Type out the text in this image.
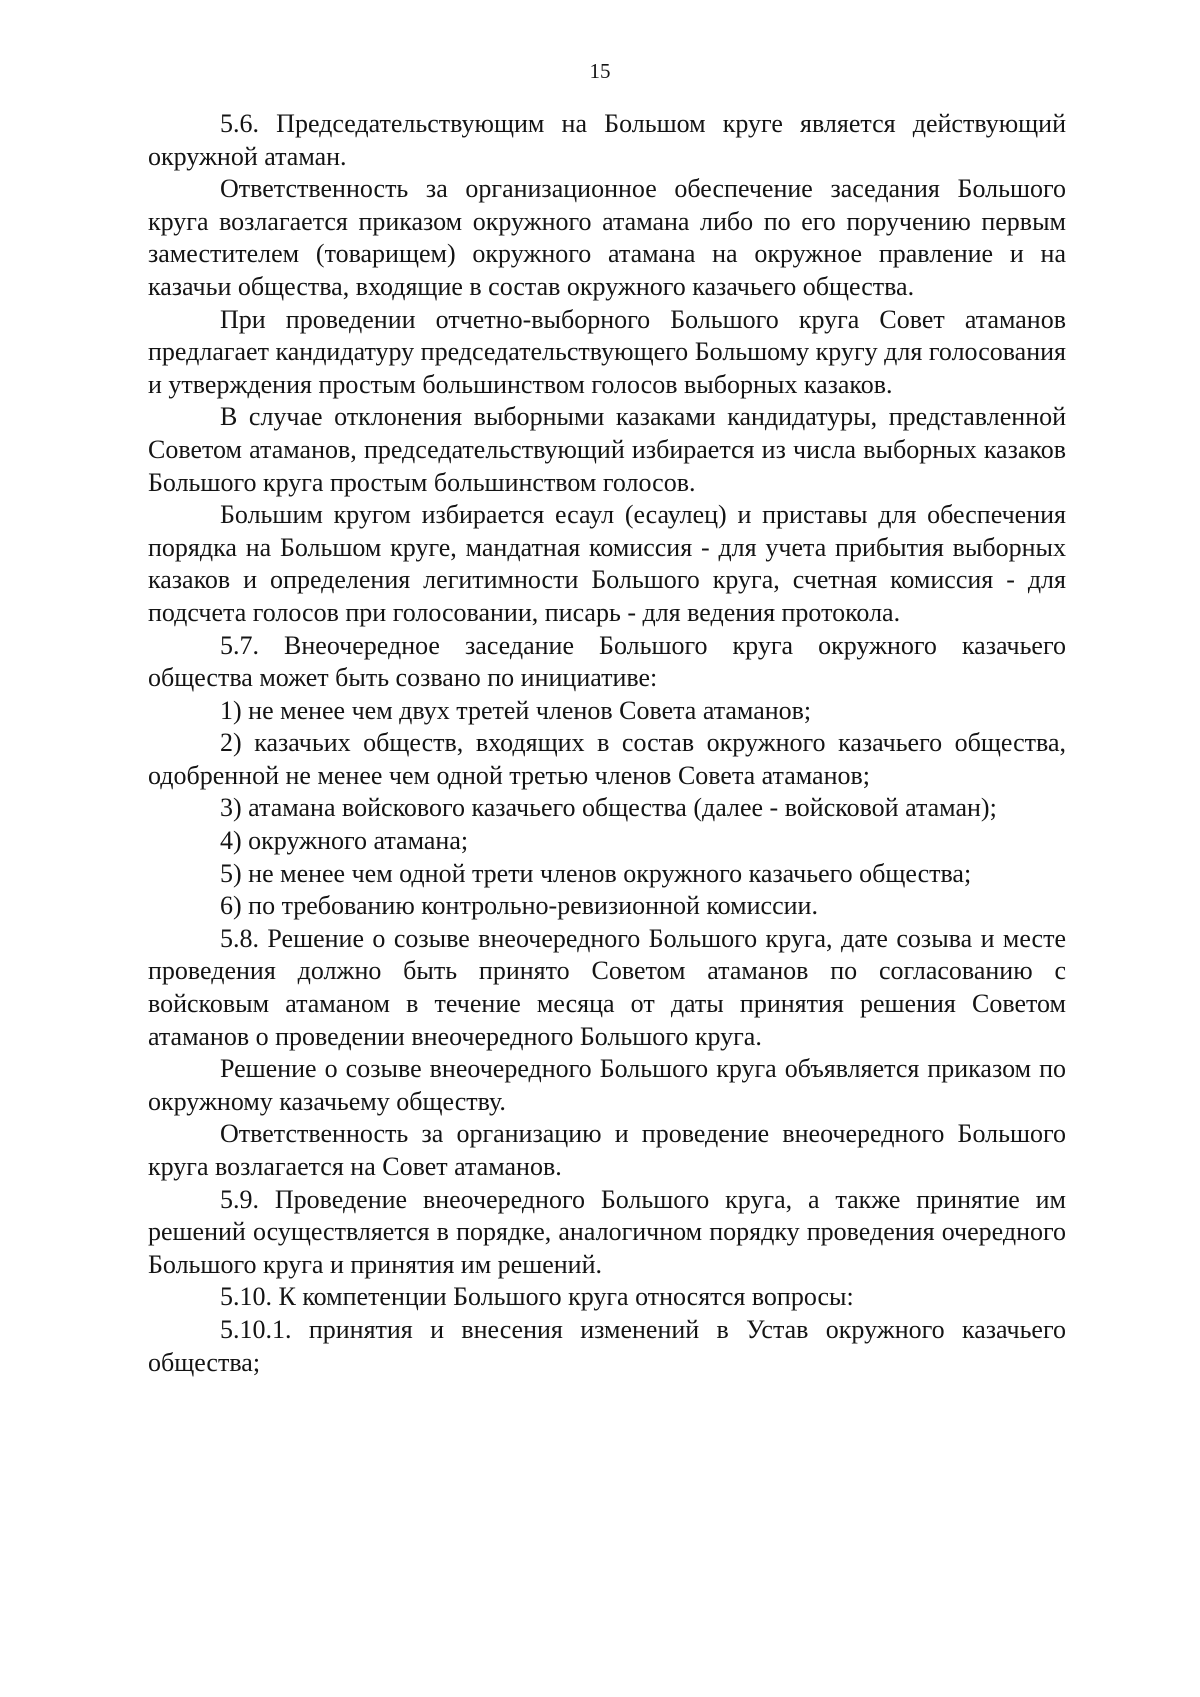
15

5.6. Председательствующим на Большом круге является действующий окружной атаман.

Ответственность за организационное обеспечение заседания Большого круга возлагается приказом окружного атамана либо по его поручению первым заместителем (товарищем) окружного атамана на окружное правление и на казачьи общества, входящие в состав окружного казачьего общества.

При проведении отчетно-выборного Большого круга Совет атаманов предлагает кандидатуру председательствующего Большому кругу для голосования и утверждения простым большинством голосов выборных казаков.

В случае отклонения выборными казаками кандидатуры, представленной Советом атаманов, председательствующий избирается из числа выборных казаков Большого круга простым большинством голосов.

Большим кругом избирается есаул (есаулец) и приставы для обеспечения порядка на Большом круге, мандатная комиссия - для учета прибытия выборных казаков и определения легитимности Большого круга, счетная комиссия - для подсчета голосов при голосовании, писарь - для ведения протокола.

5.7. Внеочередное заседание Большого круга окружного казачьего общества может быть созвано по инициативе:

1) не менее чем двух третей членов Совета атаманов;

2) казачьих обществ, входящих в состав окружного казачьего общества, одобренной не менее чем одной третью членов Совета атаманов;

3) атамана войскового казачьего общества (далее - войсковой атаман);

4) окружного атамана;

5) не менее чем одной трети членов окружного казачьего общества;

6) по требованию контрольно-ревизионной комиссии.

5.8. Решение о созыве внеочередного Большого круга, дате созыва и месте проведения должно быть принято Советом атаманов по согласованию с войсковым атаманом в течение месяца от даты принятия решения Советом атаманов о проведении внеочередного Большого круга.

Решение о созыве внеочередного Большого круга объявляется приказом по окружному казачьему обществу.

Ответственность за организацию и проведение внеочередного Большого круга возлагается на Совет атаманов.

5.9. Проведение внеочередного Большого круга, а также принятие им решений осуществляется в порядке, аналогичном порядку проведения очередного Большого круга и принятия им решений.

5.10. К компетенции Большого круга относятся вопросы:

5.10.1. принятия и внесения изменений в Устав окружного казачьего общества;
